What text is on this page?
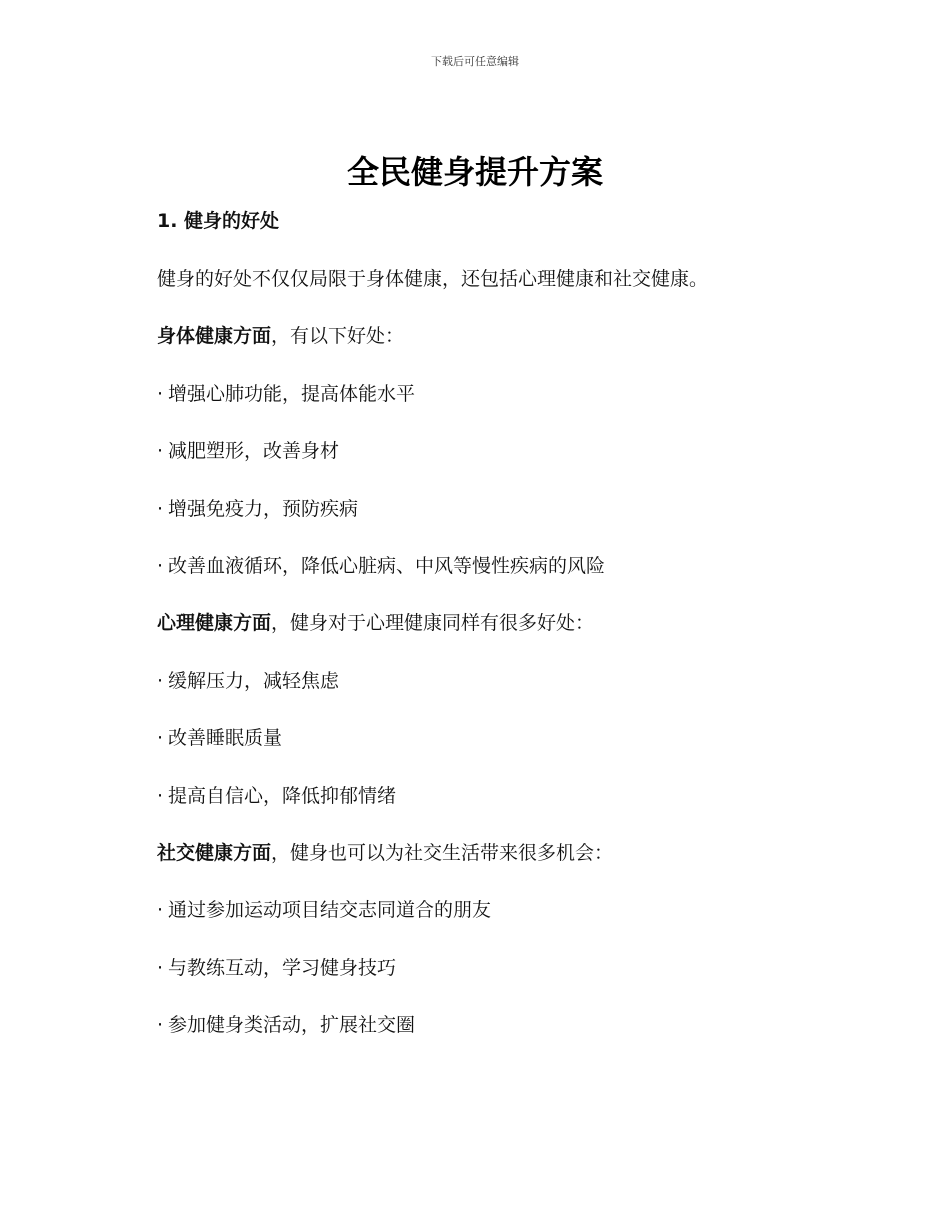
下载后可任意编辑
全民健身提升方案
1. 健身的好处
健身的好处不仅仅局限于身体健康，还包括心理健康和社交健康。
身体健康方面，有以下好处：
· 增强心肺功能，提高体能水平
· 减肥塑形，改善身材
· 增强免疫力，预防疾病
· 改善血液循环，降低心脏病、中风等慢性疾病的风险
心理健康方面，健身对于心理健康同样有很多好处：
· 缓解压力，减轻焦虑
· 改善睡眠质量
· 提高自信心，降低抑郁情绪
社交健康方面，健身也可以为社交生活带来很多机会：
· 通过参加运动项目结交志同道合的朋友
· 与教练互动，学习健身技巧
· 参加健身类活动，扩展社交圈
